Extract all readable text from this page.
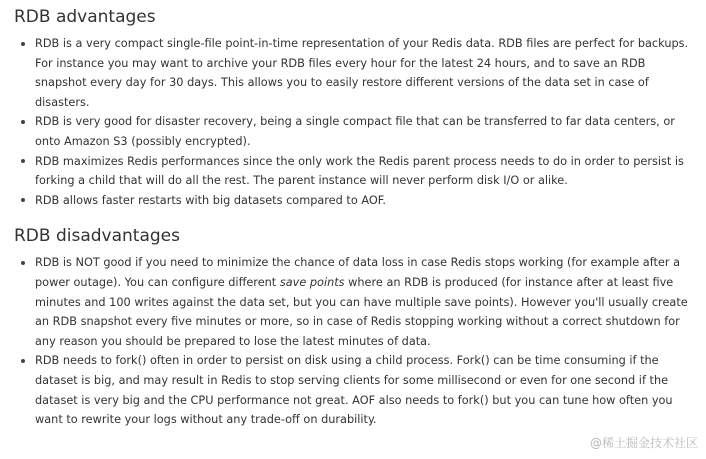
RDB advantages
RDB is a very compact single-file point-in-time representation of your Redis data. RDB files are perfect for backups. For instance you may want to archive your RDB files every hour for the latest 24 hours, and to save an RDB snapshot every day for 30 days. This allows you to easily restore different versions of the data set in case of disasters.
RDB is very good for disaster recovery, being a single compact file that can be transferred to far data centers, or onto Amazon S3 (possibly encrypted).
RDB maximizes Redis performances since the only work the Redis parent process needs to do in order to persist is forking a child that will do all the rest. The parent instance will never perform disk I/O or alike.
RDB allows faster restarts with big datasets compared to AOF.
RDB disadvantages
RDB is NOT good if you need to minimize the chance of data loss in case Redis stops working (for example after a power outage). You can configure different save points where an RDB is produced (for instance after at least five minutes and 100 writes against the data set, but you can have multiple save points). However you'll usually create an RDB snapshot every five minutes or more, so in case of Redis stopping working without a correct shutdown for any reason you should be prepared to lose the latest minutes of data.
RDB needs to fork() often in order to persist on disk using a child process. Fork() can be time consuming if the dataset is big, and may result in Redis to stop serving clients for some millisecond or even for one second if the dataset is very big and the CPU performance not great. AOF also needs to fork() but you can tune how often you want to rewrite your logs without any trade-off on durability.
@稀土掘金技术社区
